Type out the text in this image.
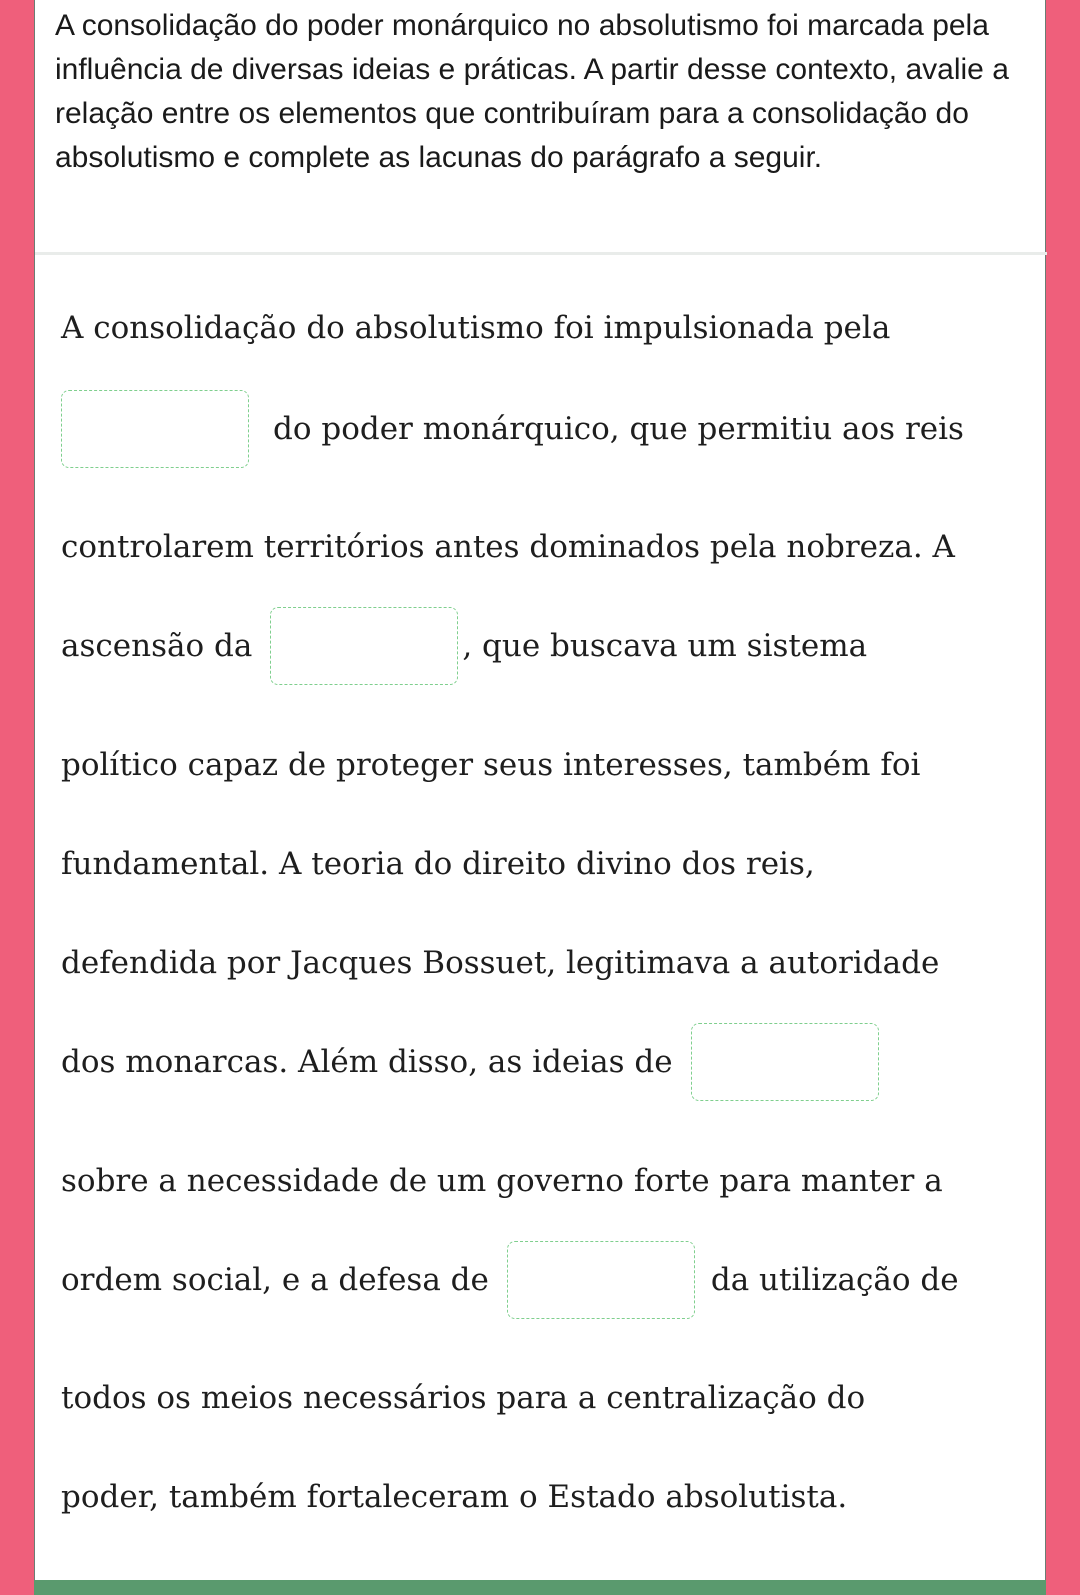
A consolidação do poder monárquico no absolutismo foi marcada pela influência de diversas ideias e práticas. A partir desse contexto, avalie a relação entre os elementos que contribuíram para a consolidação do absolutismo e complete as lacunas do parágrafo a seguir.

A consolidação do absolutismo foi impulsionada pela
do poder monárquico, que permitiu aos reis
controlarem territórios antes dominados pela nobreza. A
ascensão da	, que buscava um sistema
político capaz de proteger seus interesses, também foi
fundamental. A teoria do direito divino dos reis,
defendida por Jacques Bossuet, legitimava a autoridade
dos monarcas. Além disso, as ideias de
sobre a necessidade de um governo forte para manter a
ordem social, e a defesa de	da utilização de
todos os meios necessários para a centralização do
poder, também fortaleceram o Estado absolutista.
